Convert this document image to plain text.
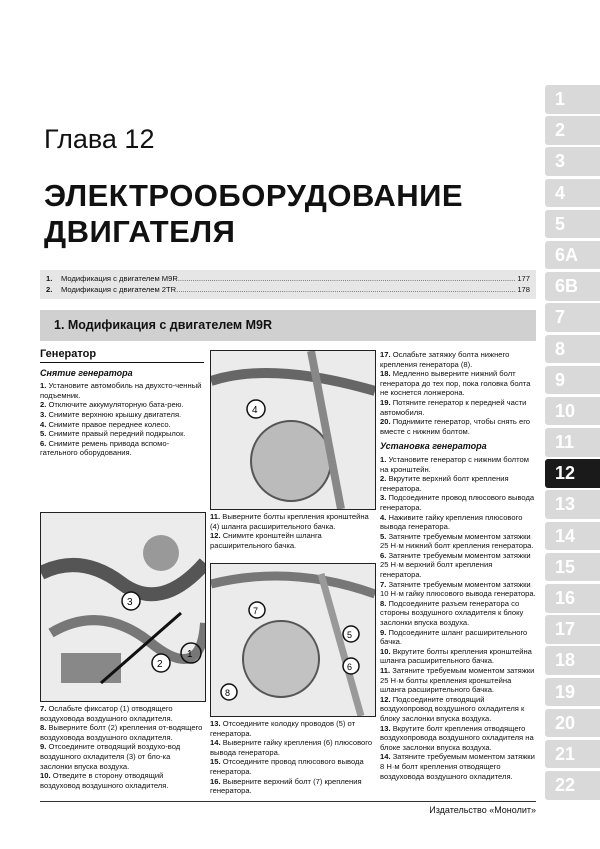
Глава 12
ЭЛЕКТРООБОРУДОВАНИЕ
ДВИГАТЕЛЯ
1.	Модификация с двигателем M9R .....	177
2.	Модификация с двигателем 2TR .....	178
1. Модификация с двигателем M9R
Генератор
Снятие генератора

1. Установите автомобиль на двухсто-ченный подъемник.

2. Отключите аккумуляторную бата-рею.

3. Снимите верхнюю крышку двигателя.

4. Снимите правое переднее колесо.

5. Снимите правый передний подкрылок.

6. Снимите ремень привода вспомо-гательного оборудования.

1
2
3

7. Ослабьте фиксатор (1) отводящего воздуховода воздушного охладителя.

8. Выверните болт (2) крепления от-водящего воздуховода воздушного охладителя.

9. Отсоедините отводящий воздухо-вод воздушного охладителя (3) от бло-ка заслонки впуска воздуха.

10. Отведите в сторону отводящий воздуховод воздушного охладителя.

4

11. Выверните болты крепления кронштейна (4) шланга расширительного бачка.

12. Снимите кронштейн шланга расширительного бачка.

7
5
6
8

13. Отсоедините колодку проводов (5) от генератора.

14. Выверните гайку крепления (6) плюсового вывода генератора.

15. Отсоедините провод плюсового вывода генератора.

16. Выверните верхний болт (7) крепления генератора.

17. Ослабьте затяжку болта нижнего крепления генератора (8).

18. Медленно выверните нижний болт генератора до тех пор, пока головка болта не коснется лонжерона.

19. Потяните генератор к передней части автомобиля.

20. Поднимите генератор, чтобы снять его вместе с нижним болтом.

Установка генератора

1. Установите генератор с нижним болтом на кронштейн.

2. Вкрутите верхний болт крепления генератора.

3. Подсоедините провод плюсового вывода генератора.

4. Наживите гайку крепления плюсового вывода генератора.

5. Затяните требуемым моментом затяжки 25 Н·м нижний болт крепления генератора.

6. Затяните требуемым моментом затяжки 25 Н·м верхний болт крепления генератора.

7. Затяните требуемым моментом затяжки 10 Н·м гайку плюсового вывода генератора.

8. Подсоедините разъем генератора со стороны воздушного охладителя к блоку заслонки впуска воздуха.

9. Подсоедините шланг расширительного бачка.

10. Вкрутите болты крепления кронштейна шланга расширительного бачка.

11. Затяните требуемым моментом затяжки 25 Н·м болты крепления кронштейна шланга расширительного бачка.

12. Подсоедините отводящий воздухопровод воздушного охладителя к блоку заслонки впуска воздуха.

13. Вкрутите болт крепления отводящего воздухопровода воздушного охладителя на блоке заслонки впуска воздуха.

14. Затяните требуемым моментом затяжки 8 Н·м болт крепления отводящего воздуховода воздушного охладителя.

1
2
3
4
5
6A
6B
7
8
9
10
11
12
13
14
15
16
17
18
19
20
21
22
Издательство «Монолит»
